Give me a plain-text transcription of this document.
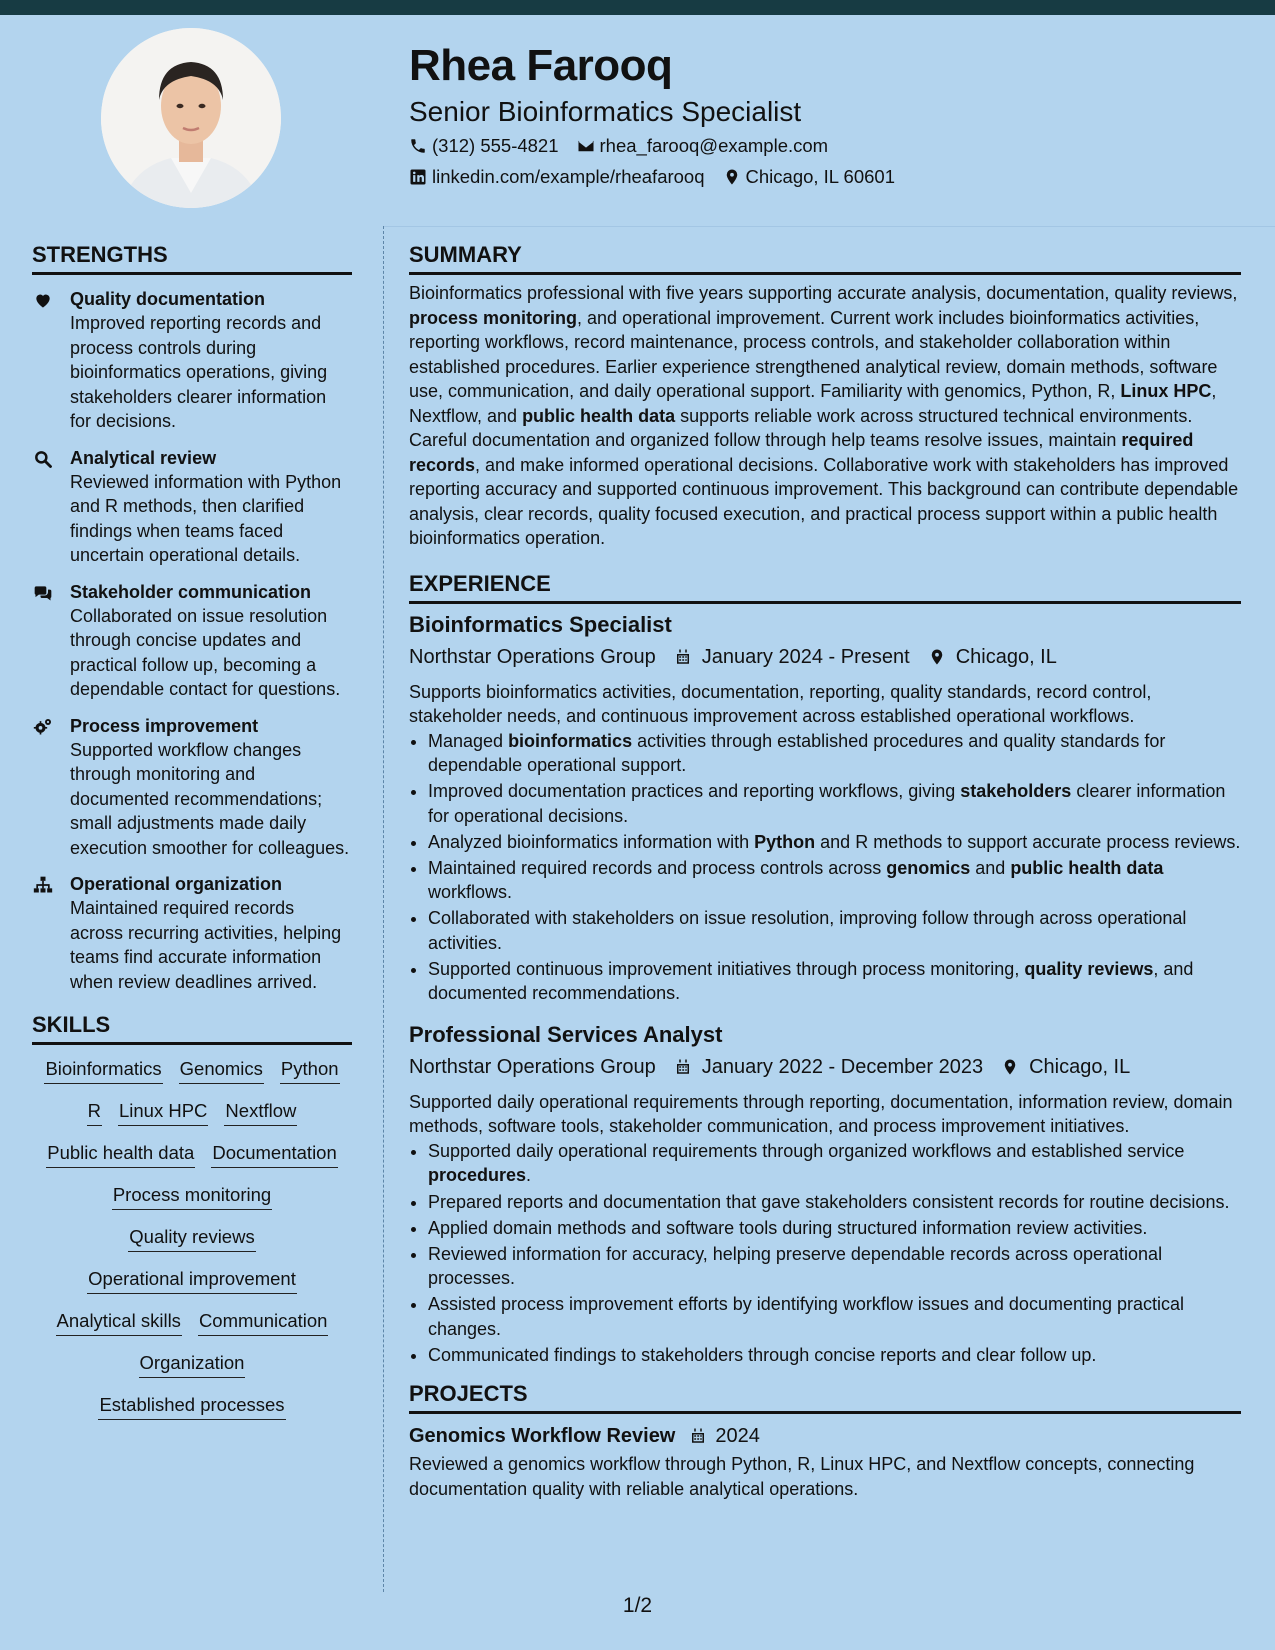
Rhea Farooq
Senior Bioinformatics Specialist
(312) 555-4821 rhea_farooq@example.com
linkedin.com/example/rheafarooq Chicago, IL 60601
STRENGTHS
Quality documentation
Improved reporting records and process controls during bioinformatics operations, giving stakeholders clearer information for decisions.
Analytical review
Reviewed information with Python and R methods, then clarified findings when teams faced uncertain operational details.
Stakeholder communication
Collaborated on issue resolution through concise updates and practical follow up, becoming a dependable contact for questions.
Process improvement
Supported workflow changes through monitoring and documented recommendations; small adjustments made daily execution smoother for colleagues.
Operational organization
Maintained required records across recurring activities, helping teams find accurate information when review deadlines arrived.
SKILLS
Bioinformatics Genomics Python
R Linux HPC Nextflow
Public health data Documentation
Process monitoring
Quality reviews
Operational improvement
Analytical skills Communication
Organization
Established processes
SUMMARY

Bioinformatics professional with five years supporting accurate analysis, documentation, quality reviews, process monitoring, and operational improvement. Current work includes bioinformatics activities, reporting workflows, record maintenance, process controls, and stakeholder collaboration within established procedures. Earlier experience strengthened analytical review, domain methods, software use, communication, and daily operational support. Familiarity with genomics, Python, R, Linux HPC, Nextflow, and public health data supports reliable work across structured technical environments. Careful documentation and organized follow through help teams resolve issues, maintain required records, and make informed operational decisions. Collaborative work with stakeholders has improved reporting accuracy and supported continuous improvement. This background can contribute dependable analysis, clear records, quality focused execution, and practical process support within a public health bioinformatics operation.

EXPERIENCE
Bioinformatics Specialist
Northstar Operations Group January 2024 - Present Chicago, IL

Supports bioinformatics activities, documentation, reporting, quality standards, record control, stakeholder needs, and continuous improvement across established operational workflows.

• Managed bioinformatics activities through established procedures and quality standards for dependable operational support.
• Improved documentation practices and reporting workflows, giving stakeholders clearer information for operational decisions.
• Analyzed bioinformatics information with Python and R methods to support accurate process reviews.
• Maintained required records and process controls across genomics and public health data workflows.
• Collaborated with stakeholders on issue resolution, improving follow through across operational activities.
• Supported continuous improvement initiatives through process monitoring, quality reviews, and documented recommendations.
Professional Services Analyst
Northstar Operations Group January 2022 - December 2023 Chicago, IL

Supported daily operational requirements through reporting, documentation, information review, domain methods, software tools, stakeholder communication, and process improvement initiatives.

• Supported daily operational requirements through organized workflows and established service procedures.
• Prepared reports and documentation that gave stakeholders consistent records for routine decisions.
• Applied domain methods and software tools during structured information review activities.
• Reviewed information for accuracy, helping preserve dependable records across operational processes.
• Assisted process improvement efforts by identifying workflow issues and documenting practical changes.
• Communicated findings to stakeholders through concise reports and clear follow up.
PROJECTS
Genomics Workflow Review 2024

Reviewed a genomics workflow through Python, R, Linux HPC, and Nextflow concepts, connecting documentation quality with reliable analytical operations.

1/2
